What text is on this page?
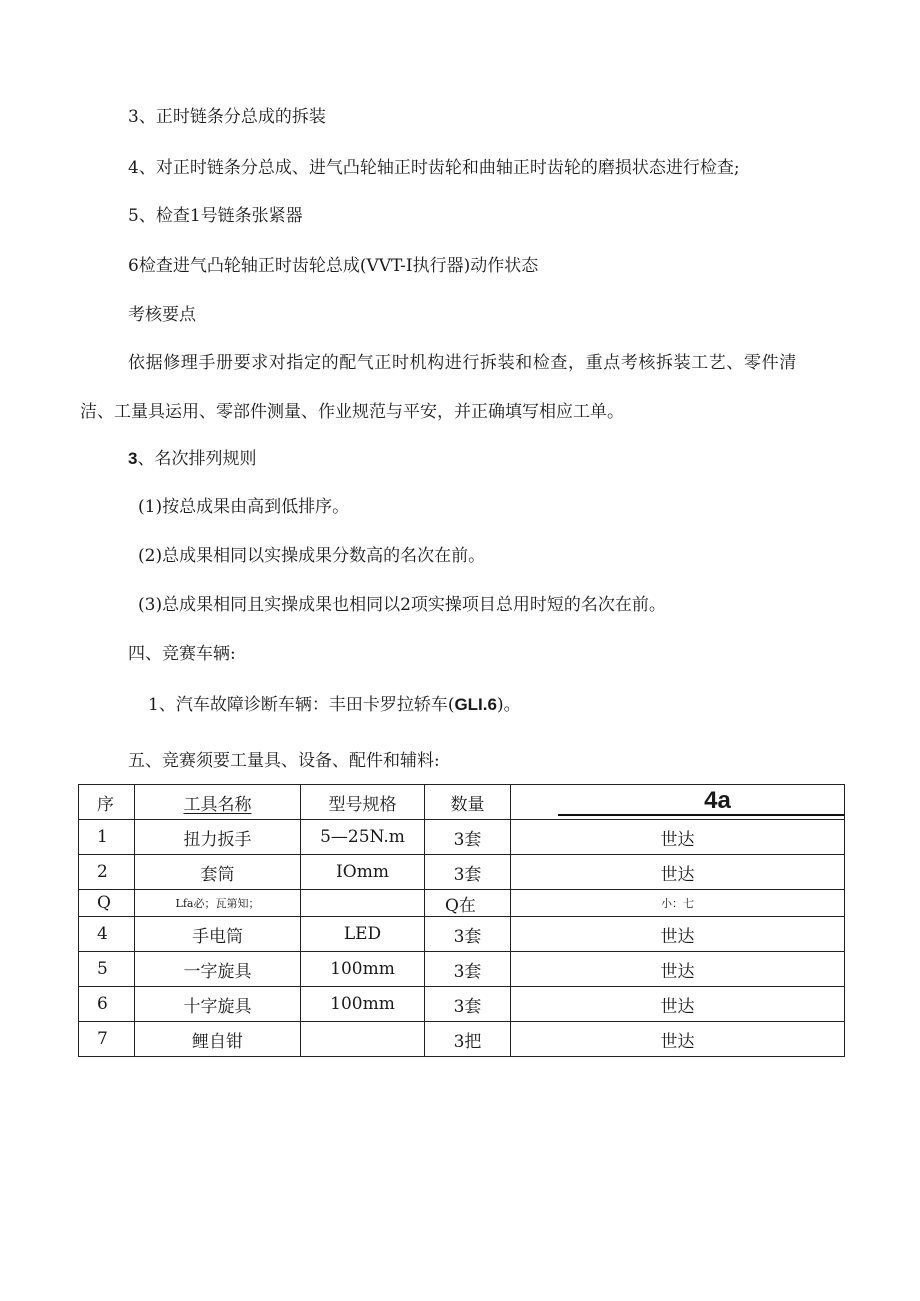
3、正时链条分总成的拆装
4、对正时链条分总成、进气凸轮轴正时齿轮和曲轴正时齿轮的磨损状态进行检查;
5、检查1号链条张紧器
6检查进气凸轮轴正时齿轮总成(VVT-I执行器)动作状态
考核要点
依据修理手册要求对指定的配气正时机构进行拆装和检查，重点考核拆装工艺、零件清
洁、工量具运用、零部件测量、作业规范与平安，并正确填写相应工单。
3、名次排列规则
(1)按总成果由高到低排序。
(2)总成果相同以实操成果分数高的名次在前。
(3)总成果相同且实操成果也相同以2项实操项目总用时短的名次在前。
四、竞赛车辆:
1、汽车故障诊断车辆：丰田卡罗拉轿车(GLI.6)。
五、竞赛须要工量具、设备、配件和辅料:
序	工具名称	型号规格	数量	4a
1	扭力扳手	5—25N.m	3套	世达
2	套筒	IOmm	3套	世达
Q	Lfa必；瓦第知；		Q在	小：七
4	手电筒	LED	3套	世达
5	一字旋具	100mm	3套	世达
6	十字旋具	100mm	3套	世达
7	鲤自钳		3把	世达
